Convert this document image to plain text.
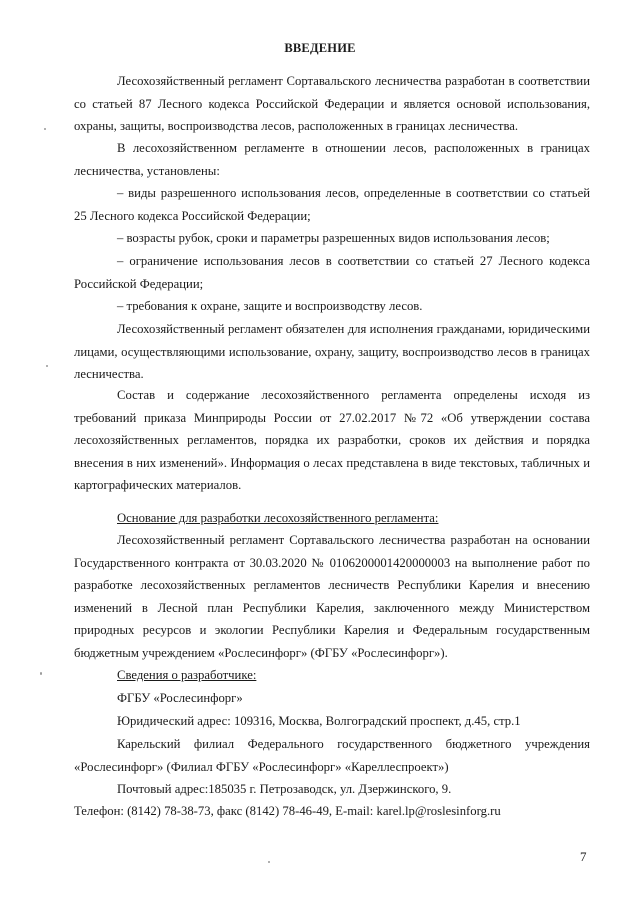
ВВЕДЕНИЕ
Лесохозяйственный регламент Сортавальского лесничества разработан в соответствии со статьей 87 Лесного кодекса Российской Федерации и является основой использования, охраны, защиты, воспроизводства лесов, расположенных в границах лесничества.
В лесохозяйственном регламенте в отношении лесов, расположенных в границах лесничества, установлены:
– виды разрешенного использования лесов, определенные в соответствии со статьей 25 Лесного кодекса Российской Федерации;
– возрасты рубок, сроки и параметры разрешенных видов использования лесов;
– ограничение использования лесов в соответствии со статьей 27 Лесного кодекса Российской Федерации;
– требования к охране, защите и воспроизводству лесов.
Лесохозяйственный регламент обязателен для исполнения гражданами, юридическими лицами, осуществляющими использование, охрану, защиту, воспроизводство лесов в границах лесничества.
Состав и содержание лесохозяйственного регламента определены исходя из требований приказа Минприроды России от 27.02.2017 №72 «Об утверждении состава лесохозяйственных регламентов, порядка их разработки, сроков их действия и порядка внесения в них изменений». Информация о лесах представлена в виде текстовых, табличных и картографических материалов.
Основание для разработки лесохозяйственного регламента:
Лесохозяйственный регламент Сортавальского лесничества разработан на основании Государственного контракта от 30.03.2020 № 0106200001420000003 на выполнение работ по разработке лесохозяйственных регламентов лесничеств Республики Карелия и внесению изменений в Лесной план Республики Карелия, заключенного между Министерством природных ресурсов и экологии Республики Карелия и Федеральным государственным бюджетным учреждением «Рослесинфорг» (ФГБУ «Рослесинфорг»).
Сведения о разработчике:
ФГБУ «Рослесинфорг»
Юридический адрес: 109316, Москва, Волгоградский проспект, д.45, стр.1
Карельский филиал Федерального государственного бюджетного учреждения «Рослесинфорг» (Филиал ФГБУ «Рослесинфорг» «Кареллеспроект»)
Почтовый адрес:185035 г. Петрозаводск, ул. Дзержинского, 9.
Телефон: (8142) 78-38-73, факс (8142) 78-46-49, E-mail: karel.lp@roslesinforg.ru
7
